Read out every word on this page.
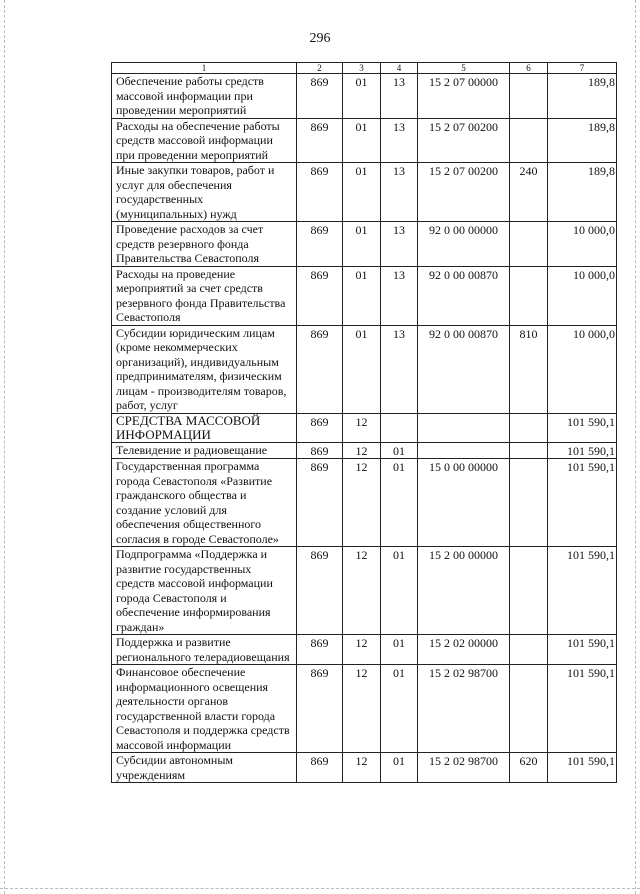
296
1	2	3	4	5	6	7
Обеспечение работы средств массовой информации при проведении мероприятий	869	01	13	15 2 07 00000		189,8
Расходы на обеспечение работы средств массовой информации при проведении мероприятий	869	01	13	15 2 07 00200		189,8
Иные закупки товаров, работ и услуг для обеспечения государственных (муниципальных) нужд	869	01	13	15 2 07 00200	240	189,8
Проведение расходов за счет средств резервного фонда Правительства Севастополя	869	01	13	92 0 00 00000		10 000,0
Расходы на проведение мероприятий за счет средств резервного фонда Правительства Севастополя	869	01	13	92 0 00 00870		10 000,0
Субсидии юридическим лицам (кроме некоммерческих организаций), индивидуальным предпринимателям, физическим лицам - производителям товаров, работ, услуг	869	01	13	92 0 00 00870	810	10 000,0
СРЕДСТВА МАССОВОЙ ИНФОРМАЦИИ	869	12				101 590,1
Телевидение и радиовещание	869	12	01			101 590,1
Государственная программа города Севастополя «Развитие гражданского общества и создание условий для обеспечения общественного согласия в городе Севастополе»	869	12	01	15 0 00 00000		101 590,1
Подпрограмма «Поддержка и развитие государственных средств массовой информации города Севастополя и обеспечение информирования граждан»	869	12	01	15 2 00 00000		101 590,1
Поддержка и развитие регионального телерадиовещания	869	12	01	15 2 02 00000		101 590,1
Финансовое обеспечение информационного освещения деятельности органов государственной власти города Севастополя и поддержка средств массовой информации	869	12	01	15 2 02 98700		101 590,1
Субсидии автономным учреждениям	869	12	01	15 2 02 98700	620	101 590,1
